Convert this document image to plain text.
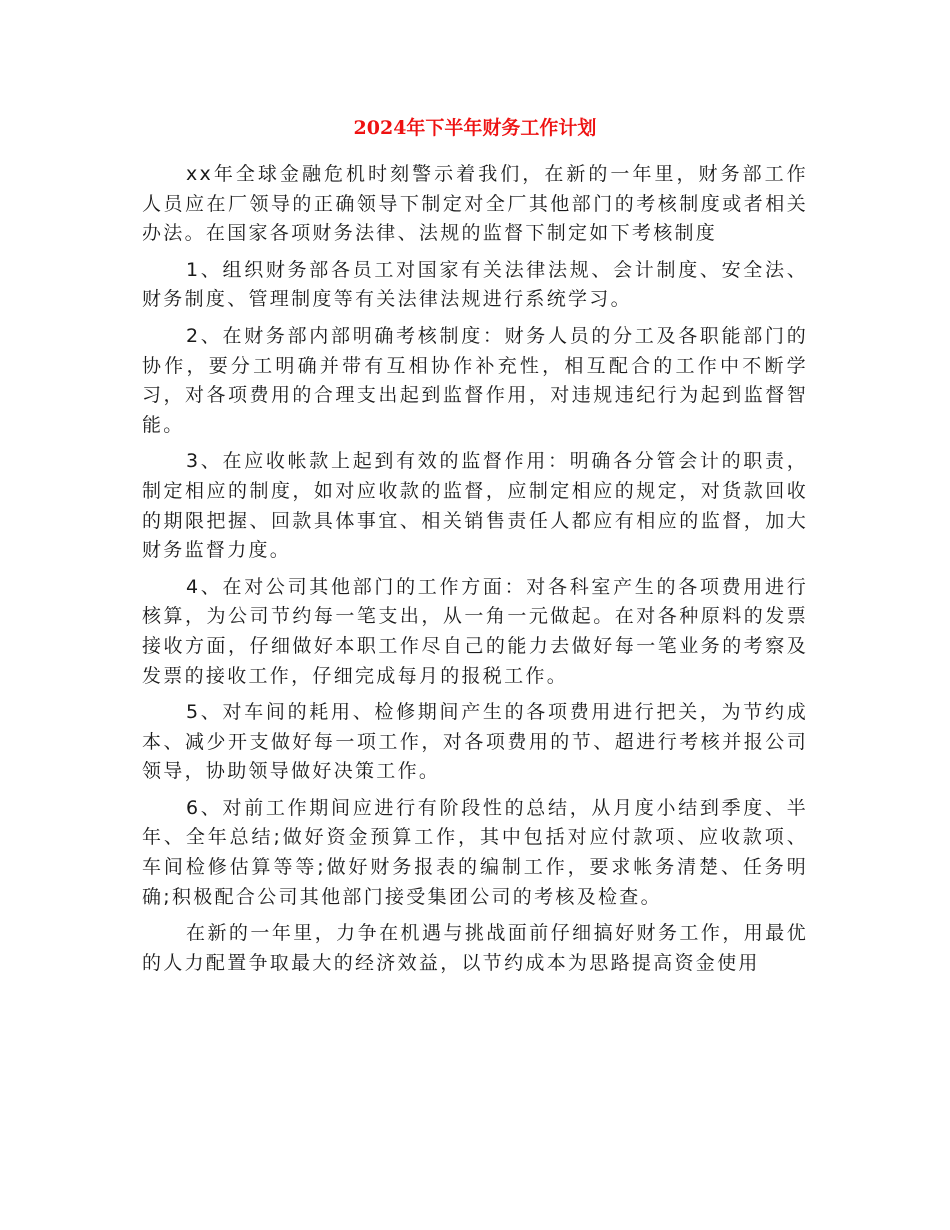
2024年下半年财务工作计划

xx年全球金融危机时刻警示着我们，在新的一年里，财务部工作人员应在厂领导的正确领导下制定对全厂其他部门的考核制度或者相关办法。在国家各项财务法律、法规的监督下制定如下考核制度

1、组织财务部各员工对国家有关法律法规、会计制度、安全法、财务制度、管理制度等有关法律法规进行系统学习。

2、在财务部内部明确考核制度：财务人员的分工及各职能部门的协作，要分工明确并带有互相协作补充性，相互配合的工作中不断学习，对各项费用的合理支出起到监督作用，对违规违纪行为起到监督智能。

3、在应收帐款上起到有效的监督作用：明确各分管会计的职责，制定相应的制度，如对应收款的监督，应制定相应的规定，对货款回收的期限把握、回款具体事宜、相关销售责任人都应有相应的监督，加大财务监督力度。

4、在对公司其他部门的工作方面：对各科室产生的各项费用进行核算，为公司节约每一笔支出，从一角一元做起。在对各种原料的发票接收方面，仔细做好本职工作尽自己的能力去做好每一笔业务的考察及发票的接收工作，仔细完成每月的报税工作。

5、对车间的耗用、检修期间产生的各项费用进行把关，为节约成本、减少开支做好每一项工作，对各项费用的节、超进行考核并报公司领导，协助领导做好决策工作。

6、对前工作期间应进行有阶段性的总结，从月度小结到季度、半年、全年总结;做好资金预算工作，其中包括对应付款项、应收款项、车间检修估算等等;做好财务报表的编制工作，要求帐务清楚、任务明确;积极配合公司其他部门接受集团公司的考核及检查。

在新的一年里，力争在机遇与挑战面前仔细搞好财务工作，用最优的人力配置争取最大的经济效益，以节约成本为思路提高资金使用
